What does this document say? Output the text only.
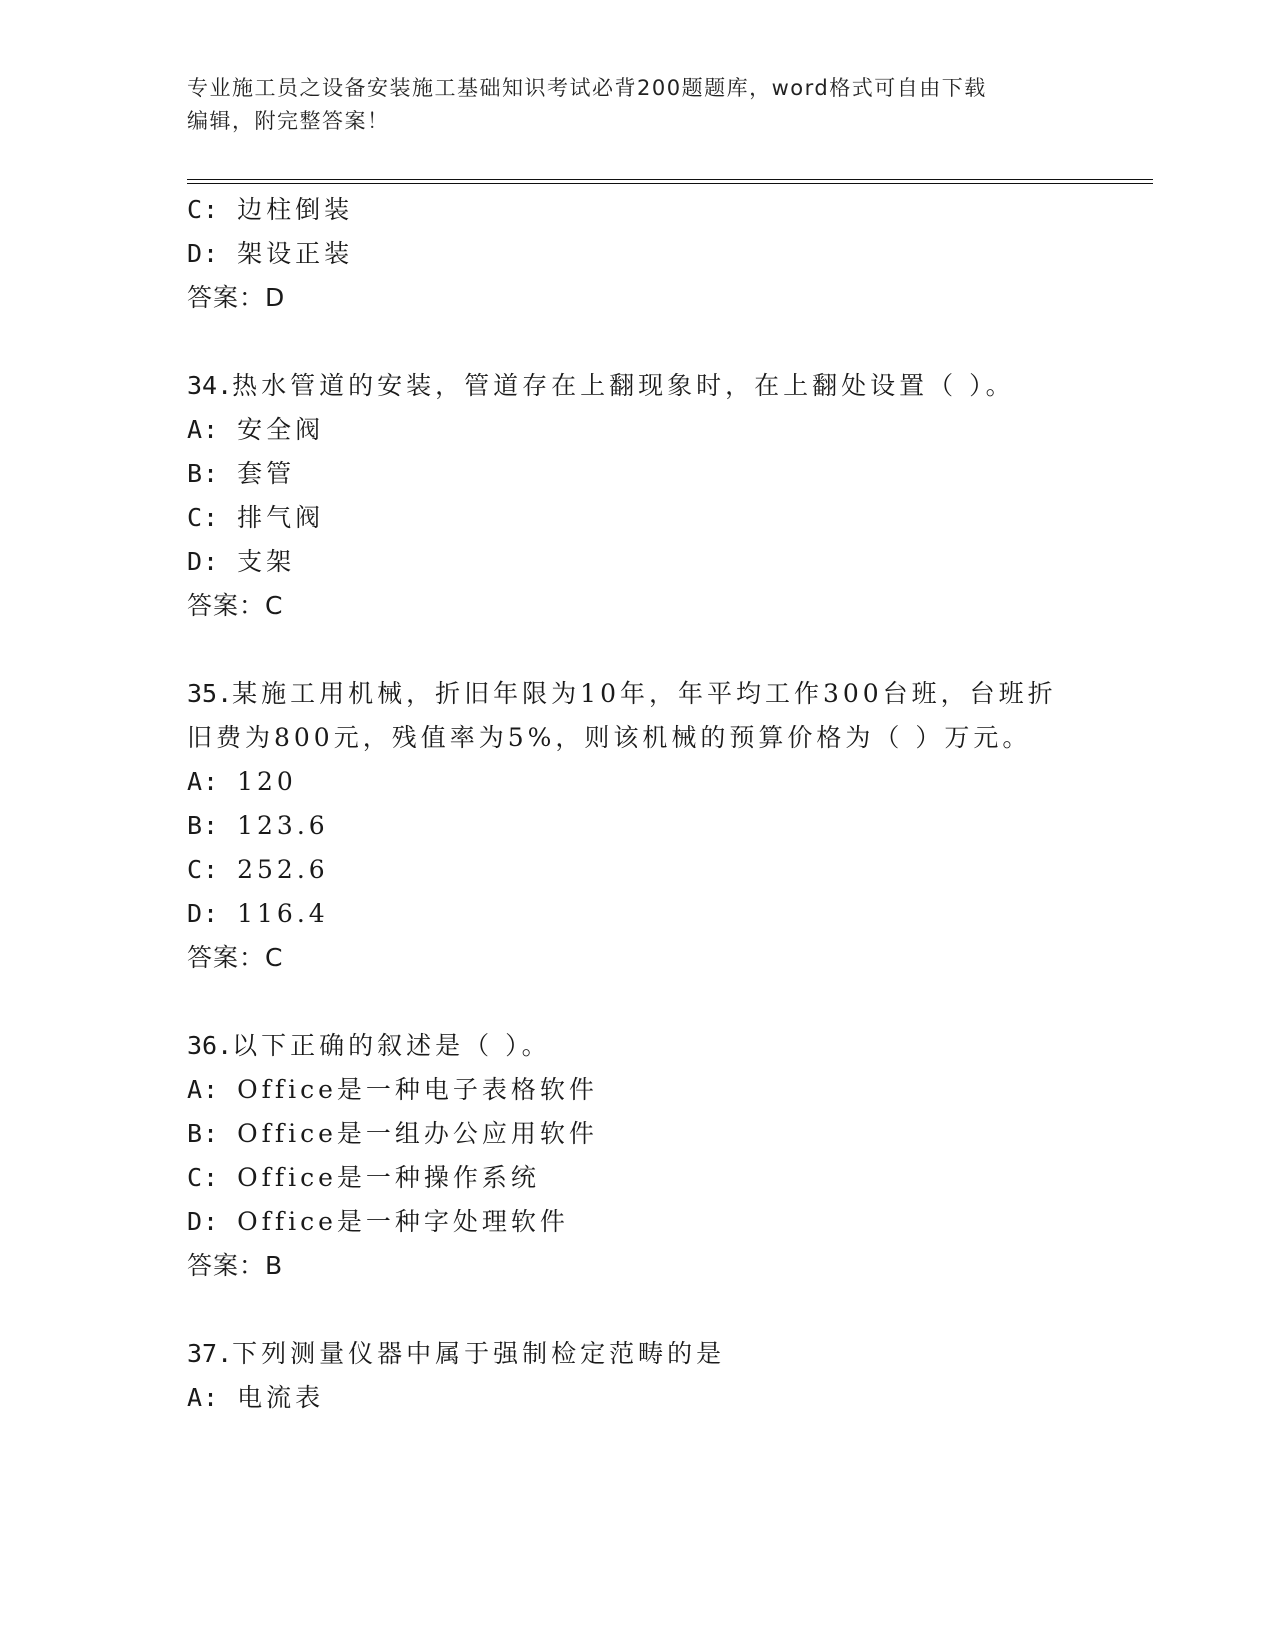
专业施工员之设备安装施工基础知识考试必背200题题库，word格式可自由下载
编辑，附完整答案！
C: 边柱倒装
D: 架设正装
答案：D
34.热水管道的安装，管道存在上翻现象时，在上翻处设置（ ）。
A: 安全阀
B: 套管
C: 排气阀
D: 支架
答案：C
35.某施工用机械，折旧年限为10年，年平均工作300台班，台班折
旧费为800元，残值率为5%，则该机械的预算价格为（ ）万元。
A: 120
B: 123.6
C: 252.6
D: 116.4
答案：C
36.以下正确的叙述是（ ）。
A: Office是一种电子表格软件
B: Office是一组办公应用软件
C: Office是一种操作系统
D: Office是一种字处理软件
答案：B
37.下列测量仪器中属于强制检定范畴的是
A: 电流表
